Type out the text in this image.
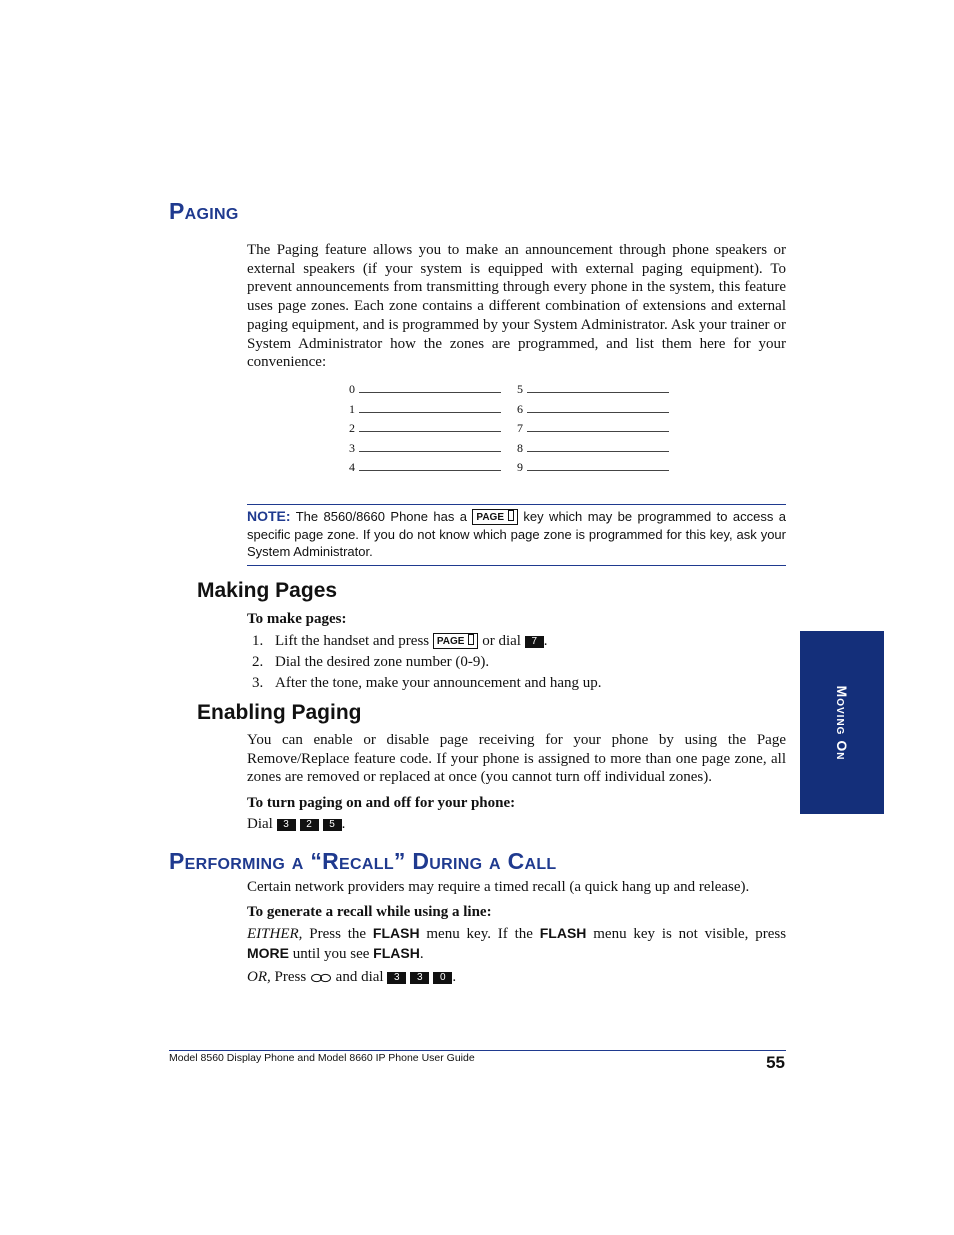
Paging

The Paging feature allows you to make an announcement through phone speakers or external speakers (if your system is equipped with external paging equipment). To prevent announcements from transmitting through every phone in the system, this feature uses page zones. Each zone contains a different combination of extensions and external paging equipment, and is programmed by your System Administrator. Ask your trainer or System Administrator how the zones are programmed, and list them here for your convenience:

0
1
2
3
4
5
6
7
8
9
NOTE: The 8560/8660 Phone has a PAGE key which may be programmed to access a specific page zone. If you do not know which page zone is programmed for this key, ask your System Administrator.
Making Pages
To make pages:
1. Lift the handset and press PAGE or dial 7 .
2. Dial the desired zone number (0-9).
3. After the tone, make your announcement and hang up.
Enabling Paging

You can enable or disable page receiving for your phone by using the Page Remove/Replace feature code. If your phone is assigned to more than one page zone, all zones are removed or replaced at once (you cannot turn off individual zones).

To turn paging on and off for your phone:
Dial 3 2 5 .
Performing a “Recall” During a Call

Certain network providers may require a timed recall (a quick hang up and release).

To generate a recall while using a line:

EITHER, Press the FLASH menu key. If the FLASH menu key is not visible, press MORE until you see FLASH.

OR, Press and dial 3 3 0 .
Moving On
Model 8560 Display Phone and Model 8660 IP Phone User Guide	55
